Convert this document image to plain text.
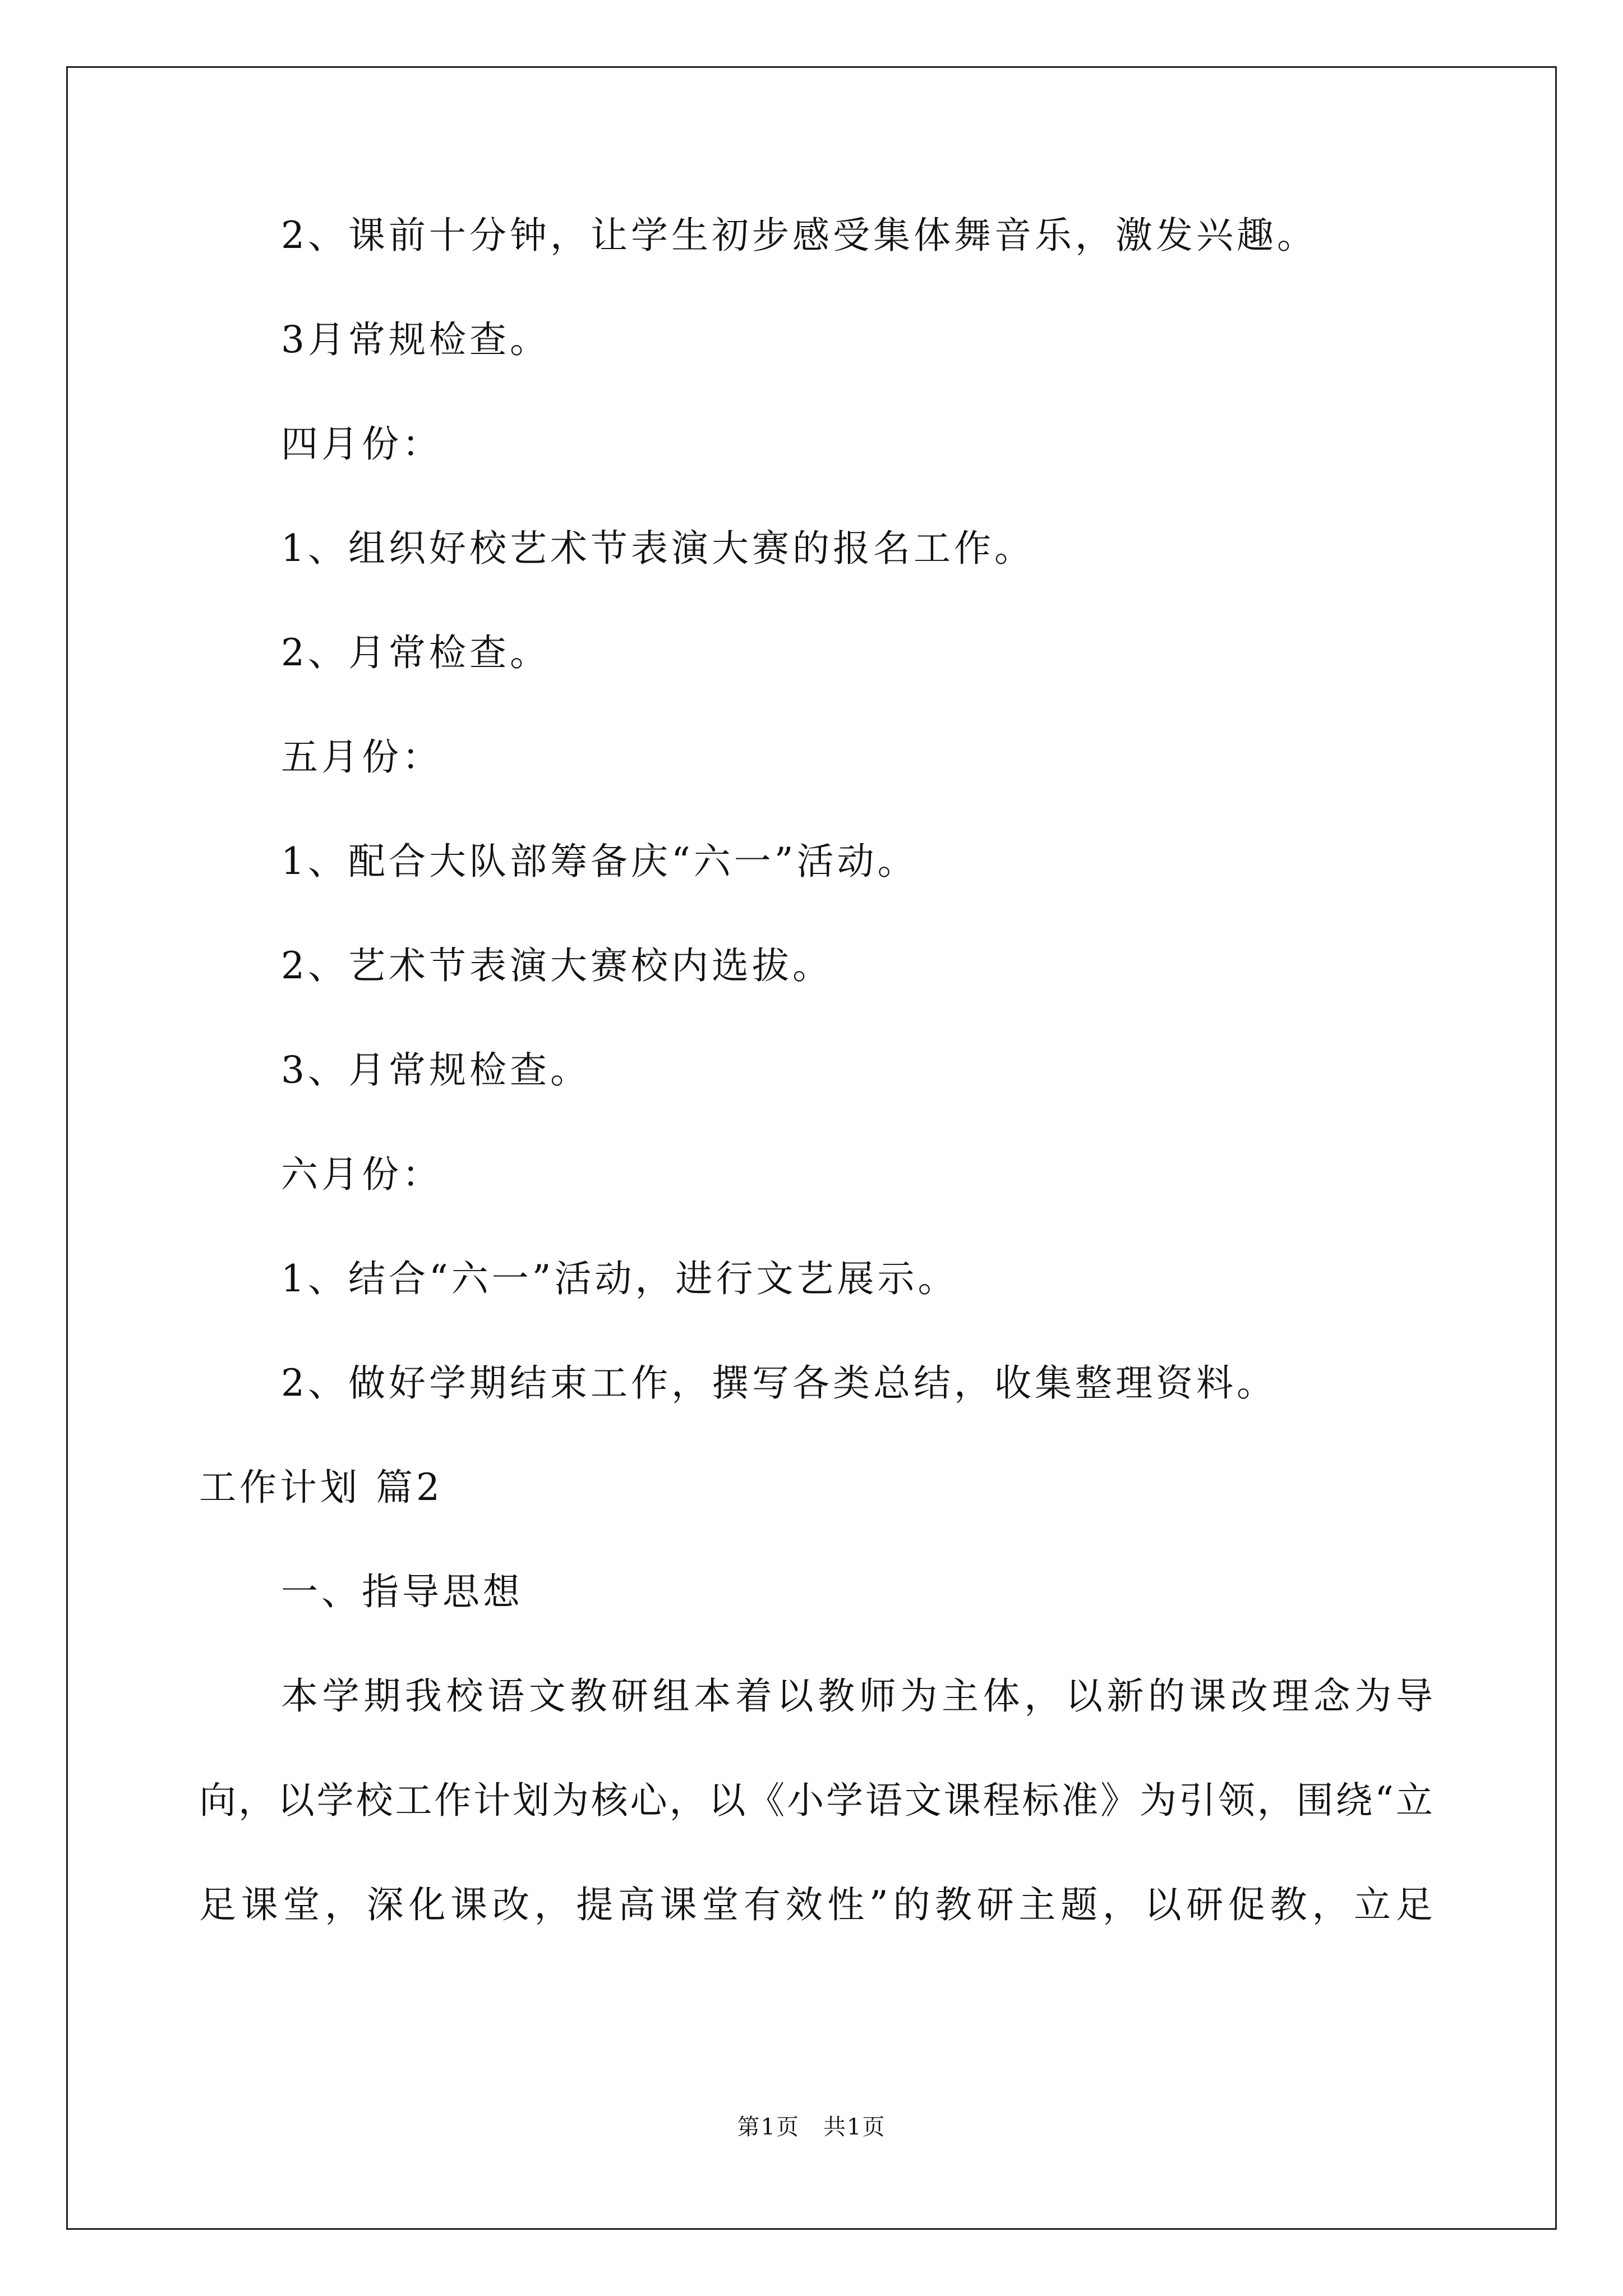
2、课前十分钟，让学生初步感受集体舞音乐，激发兴趣。
3月常规检查。
四月份：
1、组织好校艺术节表演大赛的报名工作。
2、月常检查。
五月份：
1、配合大队部筹备庆“六一”活动。
2、艺术节表演大赛校内选拔。
3、月常规检查。
六月份：
1、结合“六一”活动，进行文艺展示。
2、做好学期结束工作，撰写各类总结，收集整理资料。
工作计划 篇2
一、指导思想
本 学 期 我 校 语 文 教 研 组 本 着 以 教 师 为 主 体 ， 以 新 的 课 改 理 念 为 导
向 ， 以 学 校 工 作 计 划 为 核 心 ， 以 《 小 学 语 文 课 程 标 准 》 为 引 领 ， 围 绕 “ 立
足 课 堂 ， 深 化 课 改 ， 提 高 课 堂 有 效 性 ” 的 教 研 主 题 ， 以 研 促 教 ， 立 足
第1页　共1页
